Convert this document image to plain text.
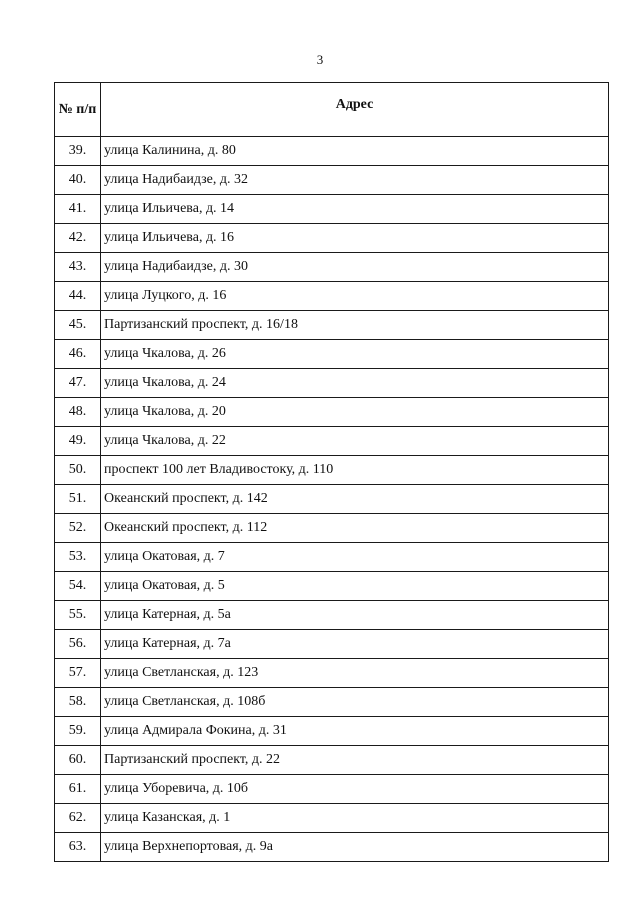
3
№ п/п	Адрес
39.	улица Калинина, д. 80
40.	улица Надибаидзе, д. 32
41.	улица Ильичева, д. 14
42.	улица Ильичева, д. 16
43.	улица Надибаидзе, д. 30
44.	улица Луцкого, д. 16
45.	Партизанский проспект, д. 16/18
46.	улица Чкалова, д. 26
47.	улица Чкалова, д. 24
48.	улица Чкалова, д. 20
49.	улица Чкалова, д. 22
50.	проспект 100 лет Владивостоку, д. 110
51.	Океанский проспект, д. 142
52.	Океанский проспект, д. 112
53.	улица Окатовая, д. 7
54.	улица Окатовая, д. 5
55.	улица Катерная, д. 5а
56.	улица Катерная, д. 7а
57.	улица Светланская, д. 123
58.	улица Светланская, д. 108б
59.	улица Адмирала Фокина, д. 31
60.	Партизанский проспект, д. 22
61.	улица Уборевича, д. 10б
62.	улица Казанская, д. 1
63.	улица Верхнепортовая, д. 9а
